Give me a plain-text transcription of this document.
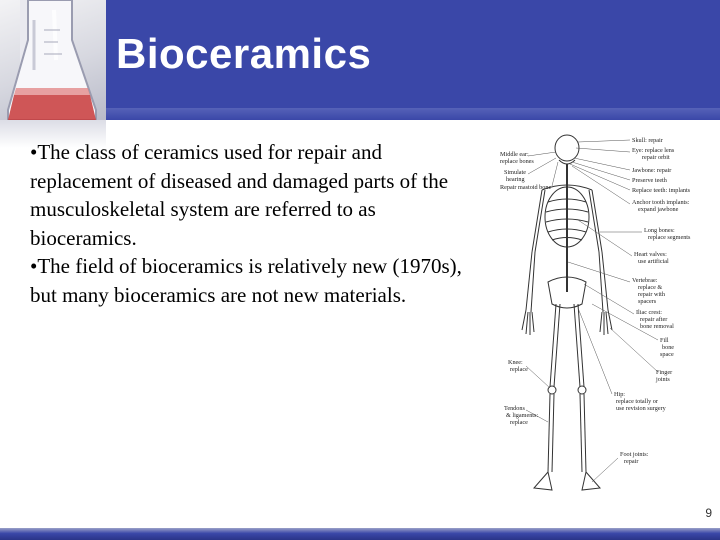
Bioceramics
•The class of ceramics used for repair and replacement of diseased and damaged parts of the musculoskeletal system are referred to as bioceramics.
•The field of bioceramics is relatively new (1970s), but many bioceramics are not new materials.
Skull: repair
Eye: replace lens
repair orbit
Jawbone: repair
Preserve teeth
Replace teeth: implants
Anchor tooth implants:
expand jawbone
Long bones:
replace segments
Heart valves:
use artificial
Vertebrae:
replace &
repair with
spacers
Iliac crest:
repair after
bone removal
Fill
bone
space
Finger
joints
Hip:
replace totally or
use revision surgery
Foot joints:
repair
Middle ear:
replace bones
Simulate
hearing
Repair mastoid bone
Knee:
replace
Tendons
& ligaments:
replace
9
